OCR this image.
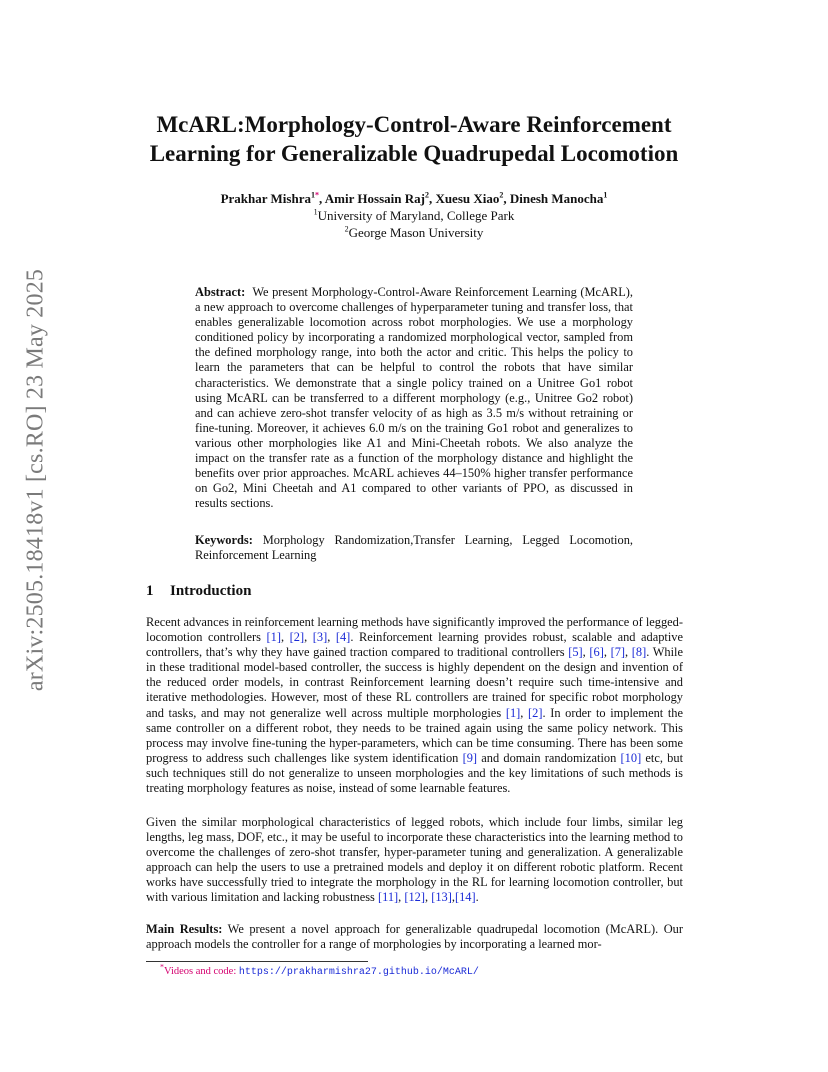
arXiv:2505.18418v1 [cs.RO] 23 May 2025
McARL:Morphology-Control-Aware Reinforcement Learning for Generalizable Quadrupedal Locomotion
Prakhar Mishra$^{1*}$, Amir Hossain Raj$^2$, Xuesu Xiao$^2$, Dinesh Manocha$^1$
$^1$University of Maryland, College Park
$^2$George Mason University
Abstract: We present Morphology-Control-Aware Reinforcement Learning (McARL), a new approach to overcome challenges of hyperparameter tuning and transfer loss, that enables generalizable locomotion across robot morphologies. We use a morphology conditioned policy by incorporating a randomized morphological vector, sampled from the defined morphology range, into both the actor and critic. This helps the policy to learn the parameters that can be helpful to control the robots that have similar characteristics. We demonstrate that a single policy trained on a Unitree Go1 robot using McARL can be transferred to a different morphology (e.g., Unitree Go2 robot) and can achieve zero-shot transfer velocity of as high as 3.5 m/s without retraining or fine-tuning. Moreover, it achieves 6.0 m/s on the training Go1 robot and generalizes to various other morphologies like A1 and Mini-Cheetah robots. We also analyze the impact on the transfer rate as a function of the morphology distance and highlight the benefits over prior approaches. McARL achieves 44–150% higher transfer performance on Go2, Mini Cheetah and A1 compared to other variants of PPO, as discussed in results sections.
Keywords: Morphology Randomization,Transfer Learning, Legged Locomotion, Reinforcement Learning
1 Introduction

Recent advances in reinforcement learning methods have significantly improved the performance of legged-locomotion controllers [1], [2], [3], [4]. Reinforcement learning provides robust, scalable and adaptive controllers, that’s why they have gained traction compared to traditional controllers [5], [6], [7], [8]. While in these traditional model-based controller, the success is highly dependent on the design and invention of the reduced order models, in contrast Reinforcement learning doesn’t require such time-intensive and iterative methodologies. However, most of these RL controllers are trained for specific robot morphology and tasks, and may not generalize well across multiple morphologies [1], [2]. In order to implement the same controller on a different robot, they needs to be trained again using the same policy network. This process may involve fine-tuning the hyper-parameters, which can be time consuming. There has been some progress to address such challenges like system identification [9] and domain randomization [10] etc, but such techniques still do not generalize to unseen morphologies and the key limitations of such methods is treating morphology features as noise, instead of some learnable features.

Given the similar morphological characteristics of legged robots, which include four limbs, similar leg lengths, leg mass, DOF, etc., it may be useful to incorporate these characteristics into the learning method to overcome the challenges of zero-shot transfer, hyper-parameter tuning and generalization. A generalizable approach can help the users to use a pretrained models and deploy it on different robotic platform. Recent works have successfully tried to integrate the morphology in the RL for learning locomotion controller, but with various limitation and lacking robustness [11], [12], [13],[14].

Main Results: We present a novel approach for generalizable quadrupedal locomotion (McARL). Our approach models the controller for a range of morphologies by incorporating a learned mor-

*Videos and code: https://prakharmishra27.github.io/McARL/
